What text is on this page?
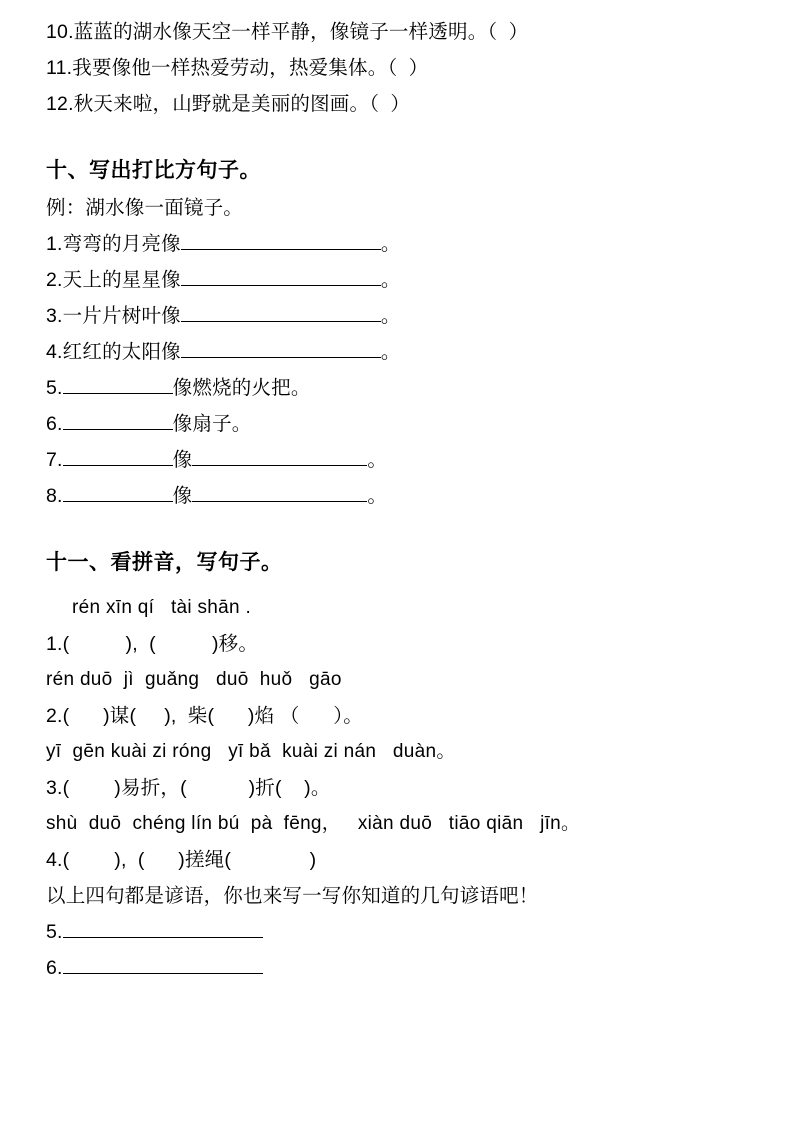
10.蓝蓝的湖水像天空一样平静，像镜子一样透明。（  ）
11.我要像他一样热爱劳动，热爱集体。（  ）
12.秋天来啦，山野就是美丽的图画。（  ）
十、写出打比方句子。
例：湖水像一面镜子。
1.弯弯的月亮像	。
2.天上的星星像	。
3.一片片树叶像	。
4.红红的太阳像	。
5.	像燃烧的火把。
6.	像扇子。
7.	像	。
8.	像	。
十一、看拼音，写句子。
rén xīn qí   tài shān .
1.(          ),  (          )移。
rén duō  jì  guǎng   duō  huǒ   gāo
2.(      )谋(     ),  柴(      )焰 （      ）。
yī  gēn kuài zi róng   yī bǎ  kuài zi nán   duàn。
3.(        )易折，(           )折(    )。
shù  duō  chéng lín bú  pà  fēng，   xiàn duō   tiāo qiān   jīn。
4.(        ),  (      )搓绳(              )
以上四句都是谚语，你也来写一写你知道的几句谚语吧！
5.
6.
